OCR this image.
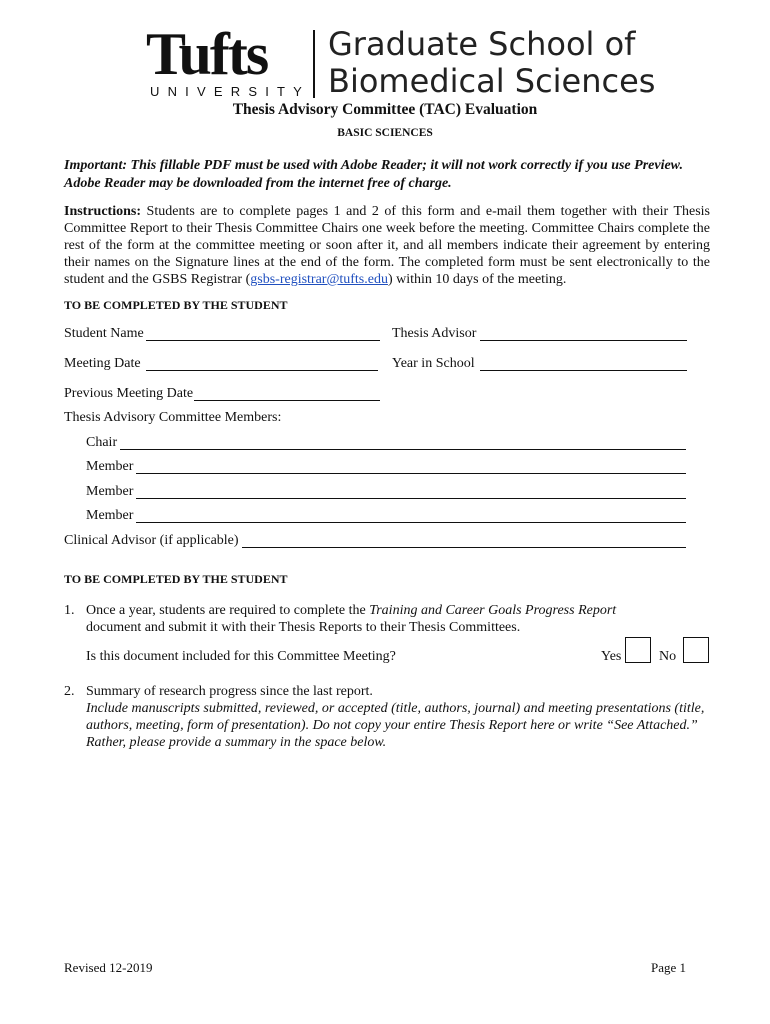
Tufts
UNIVERSITY
Graduate School of
Biomedical Sciences
Thesis Advisory Committee (TAC) Evaluation
BASIC SCIENCES
Important: This fillable PDF must be used with Adobe Reader; it will not work correctly if you use Preview. Adobe Reader may be downloaded from the internet free of charge.
Instructions: Students are to complete pages 1 and 2 of this form and e-mail them together with their Thesis Committee Report to their Thesis Committee Chairs one week before the meeting. Committee Chairs complete the rest of the form at the committee meeting or soon after it, and all members indicate their agreement by entering their names on the Signature lines at the end of the form. The completed form must be sent electronically to the student and the GSBS Registrar (gsbs-registrar@tufts.edu) within 10 days of the meeting.
TO BE COMPLETED BY THE STUDENT
Student Name	Thesis Advisor
Meeting Date	Year in School
Previous Meeting Date
Thesis Advisory Committee Members:
Chair
Member
Member
Member
Clinical Advisor (if applicable)
TO BE COMPLETED BY THE STUDENT
1. Once a year, students are required to complete the Training and Career Goals Progress Report
document and submit it with their Thesis Reports to their Thesis Committees.
Is this document included for this Committee Meeting?	Yes	No
2. Summary of research progress since the last report.
Include manuscripts submitted, reviewed, or accepted (title, authors, journal) and meeting presentations (title, authors, meeting, form of presentation). Do not copy your entire Thesis Report here or write “See Attached.” Rather, please provide a summary in the space below.
Revised 12-2019	Page 1
